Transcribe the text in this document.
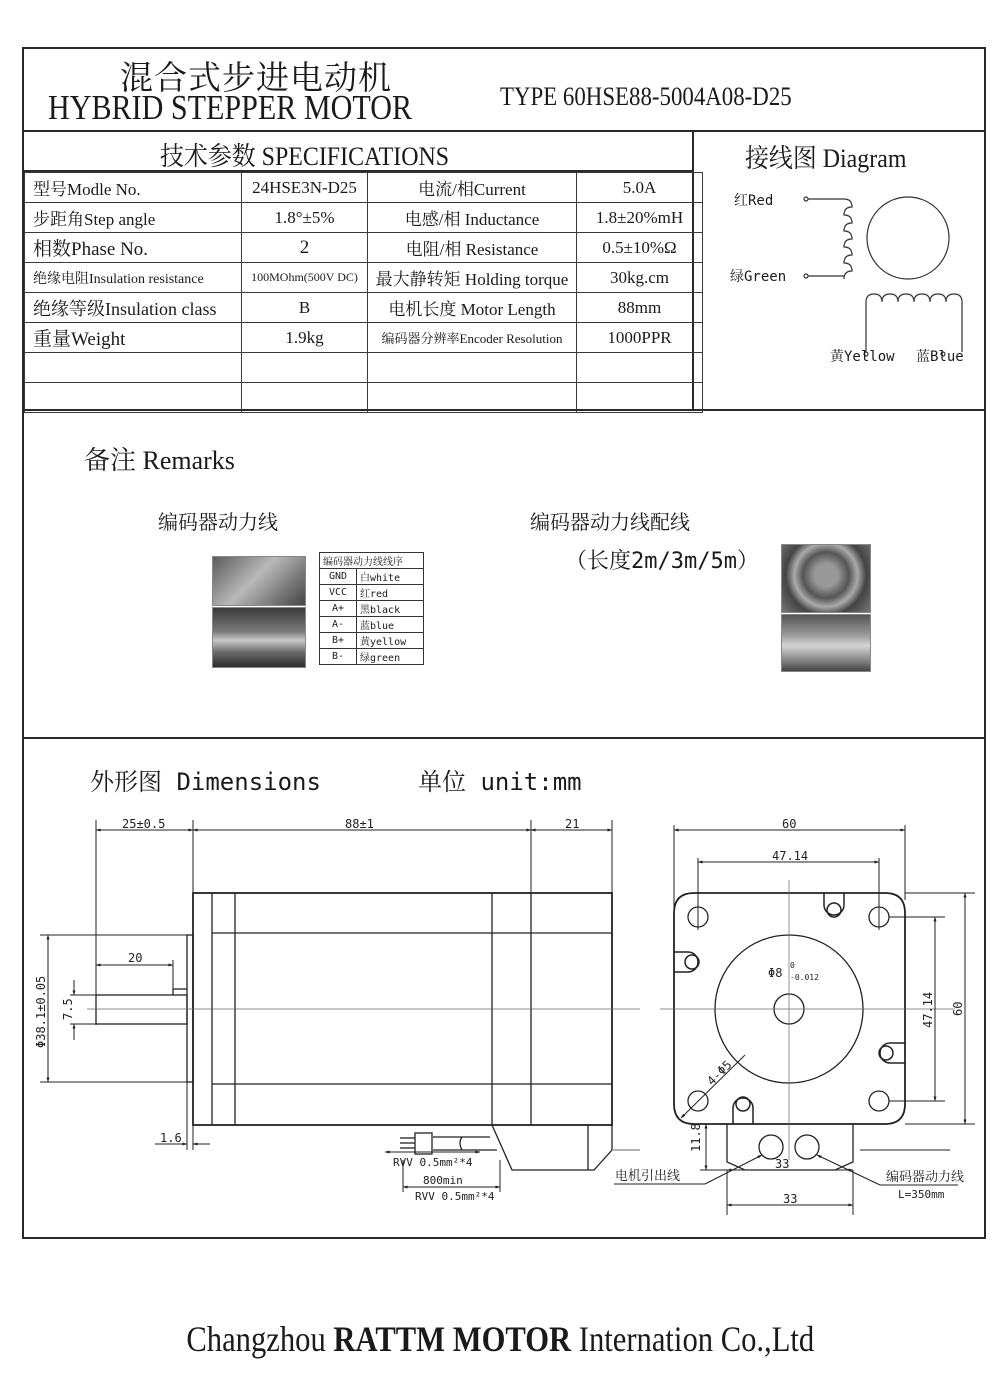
混合式步进电动机
HYBRID STEPPER MOTOR	TYPE 60HSE88-5004A08-D25
技术参数 SPECIFICATIONS	接线图 Diagram
型号Modle No.	24HSE3N-D25	电流/相Current	5.0A
步距角Step angle	1.8°±5%	电感/相 Inductance	1.8±20%mH
相数Phase No.	2	电阻/相 Resistance	0.5±10%Ω
绝缘电阻Insulation resistance	100MOhm(500V DC)	最大静转矩 Holding torque	30kg.cm
绝缘等级Insulation class	B	电机长度 Motor Length	88mm
重量Weight	1.9kg	编码器分辨率Encoder Resolution	1000PPR

红Red
绿Green
黄Yellow 蓝Blue
备注 Remarks
编码器动力线	编码器动力线配线
（长度2m/3m/5m）
编码器动力线线序	
GND	白white
VCC	红red
A+	黑black
A-	蓝blue
B+	黄yellow
B-	绿green
外形图 Dimensions	单位 unit:mm
25±0.5	88±1	21
20
7.5
Φ38.1±0.05
1.6
RVV 0.5mm²*4
800min
RVV 0.5mm²*4
电机引出线
60
47.14
60
47.14
Φ8
0
-0.012
4-Φ5
11.8
33
33
编码器动力线
L=350mm
Changzhou RATTM MOTOR Internation Co.,Ltd
